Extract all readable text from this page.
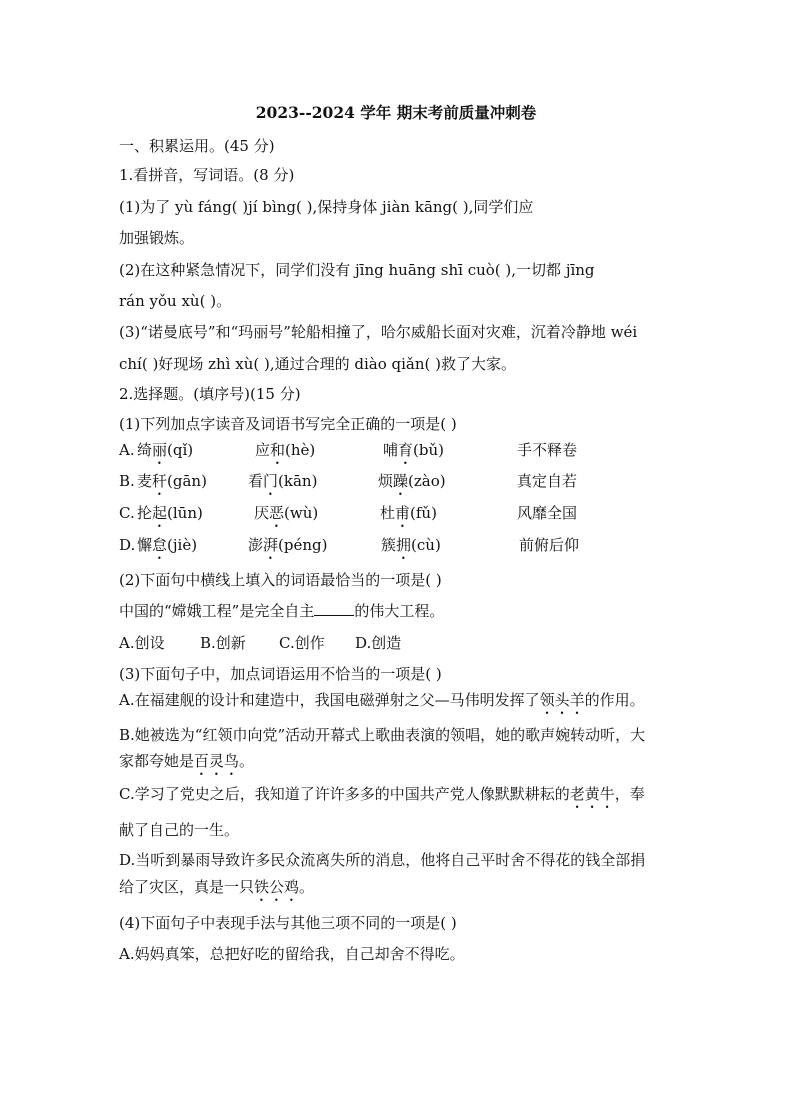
2023--2024 学年 期末考前质量冲刺卷
一、积累运用。(45 分)
1.看拼音，写词语。(8 分)
(1)为了 yù fáng( )jí bìng( ),保持身体 jiàn kāng( ),同学们应
加强锻炼。
(2)在这种紧急情况下，同学们没有 jīng huāng shī cuò( ),一切都 jīng
rán yǒu xù( )。
(3)“诺曼底号”和“玛丽号”轮船相撞了，哈尔威船长面对灾难，沉着冷静地 wéi
chí( )好现场 zhì xù( ),通过合理的 diào qiǎn( )救了大家。
2.选择题。(填序号)(15 分)
(1)下列加点字读音及词语书写完全正确的一项是( )
A. 绮丽(qǐ)	应和(hè)	哺育(bǔ)	手不释卷
B. 麦秆(gān)	看门(kān)	烦躁(zào)	真定自若
C. 抡起(lūn)	厌恶(wù)	杜甫(fǔ)	风靡全国
D. 懈怠(jiè)	澎湃(péng)	簇拥(cù)	前俯后仰
(2)下面句中横线上填入的词语最恰当的一项是( )
中国的“嫦娥工程”是完全自主	的伟大工程。
A.创设 B.创新 C.创作 D.创造
(3)下面句子中，加点词语运用不恰当的一项是( )
A.在福建舰的设计和建造中，我国电磁弹射之父—马伟明发挥了领头羊的作用。
B.她被选为“红领巾向党”活动开幕式上歌曲表演的领唱，她的歌声婉转动听，大
家都夸她是百灵鸟。
C.学习了党史之后，我知道了许许多多的中国共产党人像默默耕耘的老黄牛，奉
献了自己的一生。
D.当听到暴雨导致许多民众流离失所的消息，他将自己平时舍不得花的钱全部捐
给了灾区，真是一只铁公鸡。
(4)下面句子中表现手法与其他三项不同的一项是( )
A.妈妈真笨，总把好吃的留给我，自己却舍不得吃。
